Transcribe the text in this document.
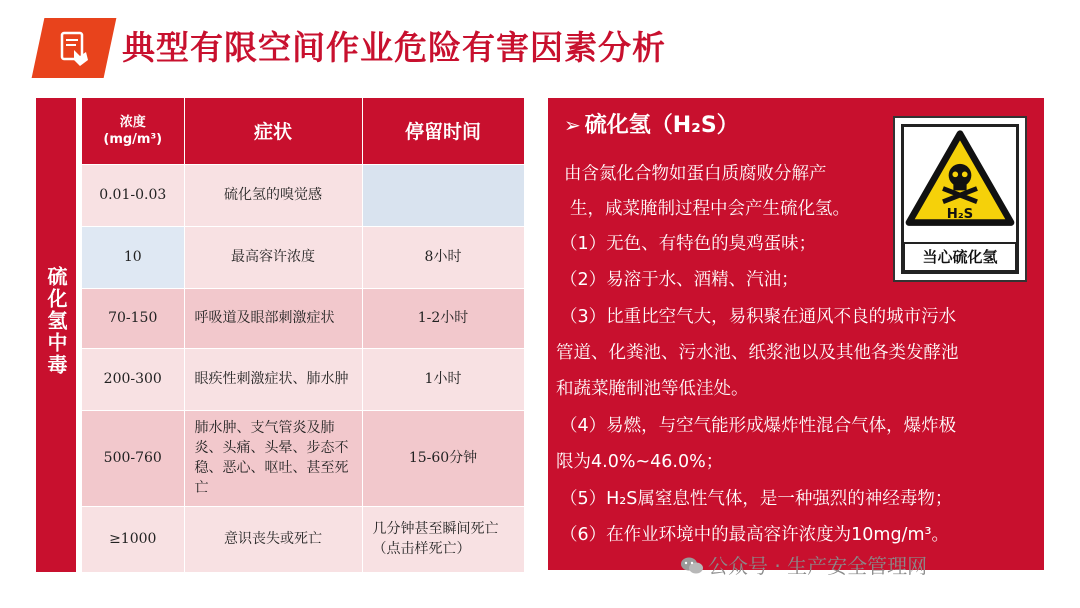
典型有限空间作业危险有害因素分析
硫化氢中毒
浓度
(mg/m³)	症状	停留时间
0.01-0.03	硫化氢的嗅觉感	
10	最高容许浓度	8小时
70-150	呼吸道及眼部刺激症状	1-2小时
200-300	眼疾性刺激症状、肺水肿	1小时
500-760	肺水肿、支气管炎及肺炎、头痛、头晕、步态不稳、恶心、呕吐、甚至死亡	15-60分钟
≥1000	意识丧失或死亡	几分钟甚至瞬间死亡（点击样死亡）
➢ 硫化氢（H₂S）
由含氮化合物如蛋白质腐败分解产
生，咸菜腌制过程中会产生硫化氢。
（1）无色、有特色的臭鸡蛋味；
（2）易溶于水、酒精、汽油；
（3）比重比空气大，易积聚在通风不良的城市污水
管道、化粪池、污水池、纸浆池以及其他各类发酵池
和蔬菜腌制池等低洼处。
（4）易燃，与空气能形成爆炸性混合气体，爆炸极
限为4.0%~46.0%；
（5）H₂S属窒息性气体，是一种强烈的神经毒物；
（6）在作业环境中的最高容许浓度为10mg/m³。
H₂S
当心硫化氢
公众号 · 生产安全管理网
